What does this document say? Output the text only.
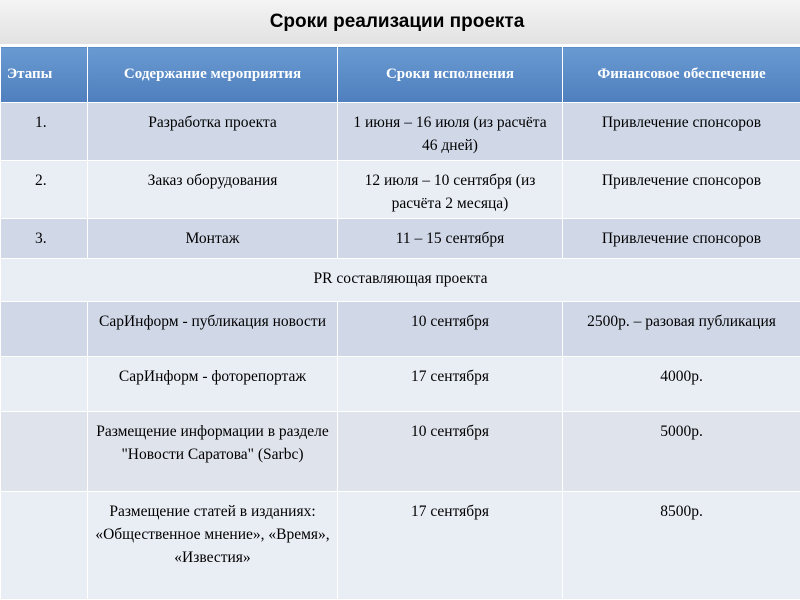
Сроки реализации проекта
Этапы	Содержание мероприятия	Сроки исполнения	Финансовое обеспечение
1.	Разработка проекта	1 июня – 16 июля (из расчёта 46 дней)	Привлечение спонсоров
2.	Заказ оборудования	12 июля – 10 сентября (из расчёта 2 месяца)	Привлечение спонсоров
3.	Монтаж	11 – 15 сентября	Привлечение спонсоров
PR составляющая проекта			
	СарИнформ - публикация новости	10 сентября	2500р. – разовая публикация
	СарИнформ - фоторепортаж	17 сентября	4000р.
	Размещение информации в разделе "Новости Саратова" (Sarbc)	10 сентября	5000р.
	Размещение статей в изданиях: «Общественное мнение», «Время», «Известия»	17 сентября	8500р.
